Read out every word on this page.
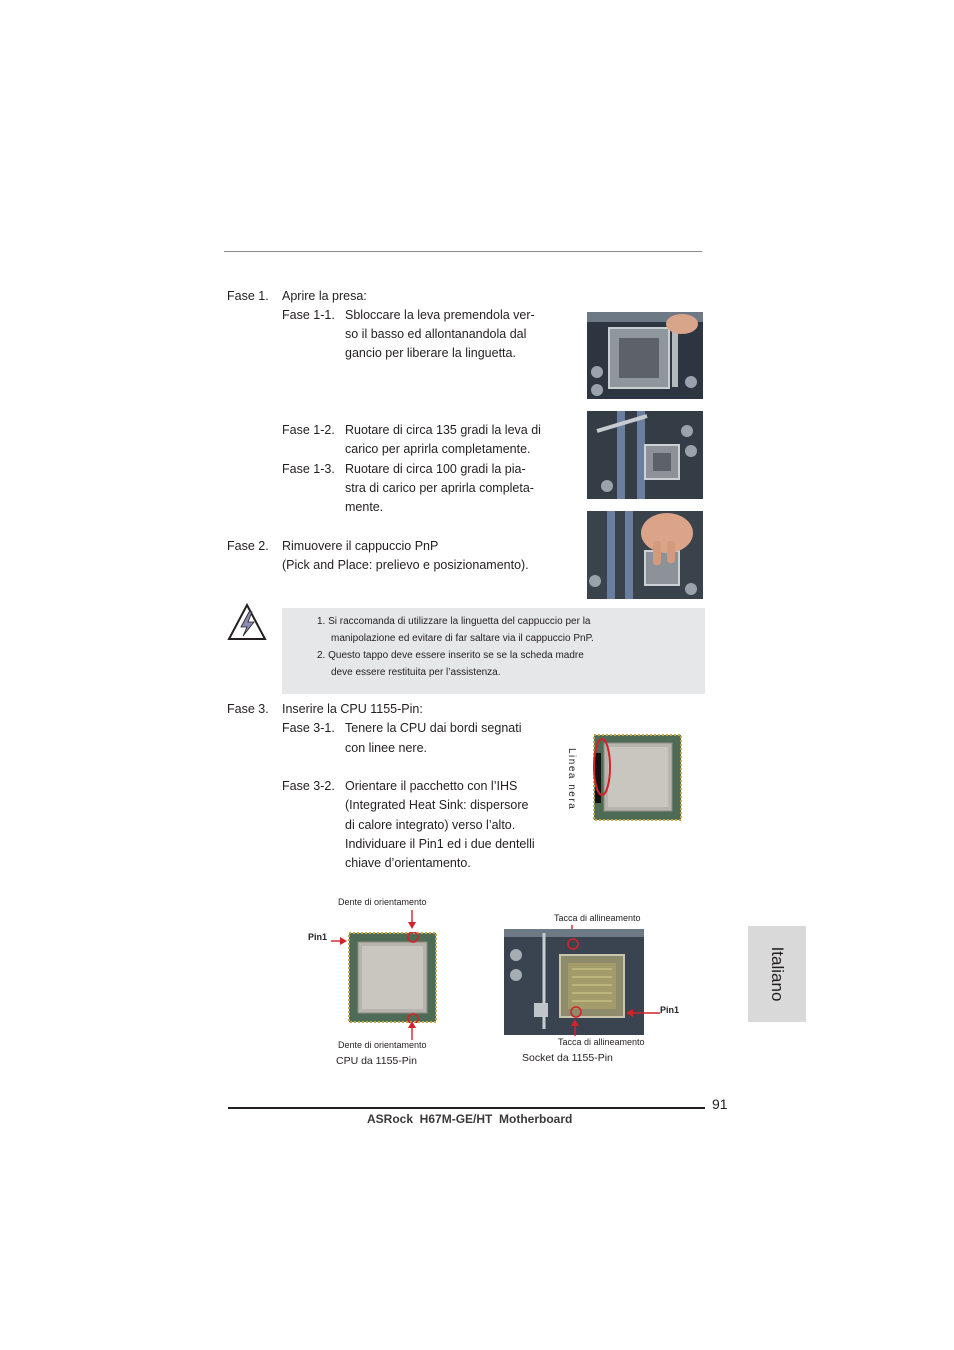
Fase 1. Aprire la presa:
Fase 1-1. Sbloccare la leva premendola ver-
so il basso ed allontanandola dal
gancio per liberare la linguetta.
Fase 1-2. Ruotare di circa 135 gradi la leva di
carico per aprirla completamente.
Fase 1-3. Ruotare di circa 100 gradi la pia-
stra di carico per aprirla completa-
mente.
Fase 2. Rimuovere il cappuccio PnP
(Pick and Place: prelievo e posizionamento).
1. Si raccomanda di utilizzare la linguetta del cappuccio per la
manipolazione ed evitare di far saltare via il cappuccio PnP.
2. Questo tappo deve essere inserito se se la scheda madre
deve essere restituita per l’assistenza.
Fase 3. Inserire la CPU 1155-Pin:
Fase 3-1. Tenere la CPU dai bordi segnati
con linee nere.
Fase 3-2. Orientare il pacchetto con l’IHS
(Integrated Heat Sink: dispersore
di calore integrato) verso l’alto.
Individuare il Pin1 ed i due dentelli
chiave d’orientamento.
Linea nera
Dente di orientamento
Pin1
Dente di orientamento
CPU da 1155-Pin
Tacca di allineamento
Pin1
Tacca di allineamento
Socket da 1155-Pin
Italiano
91
ASRock  H67M-GE/HT  Motherboard
